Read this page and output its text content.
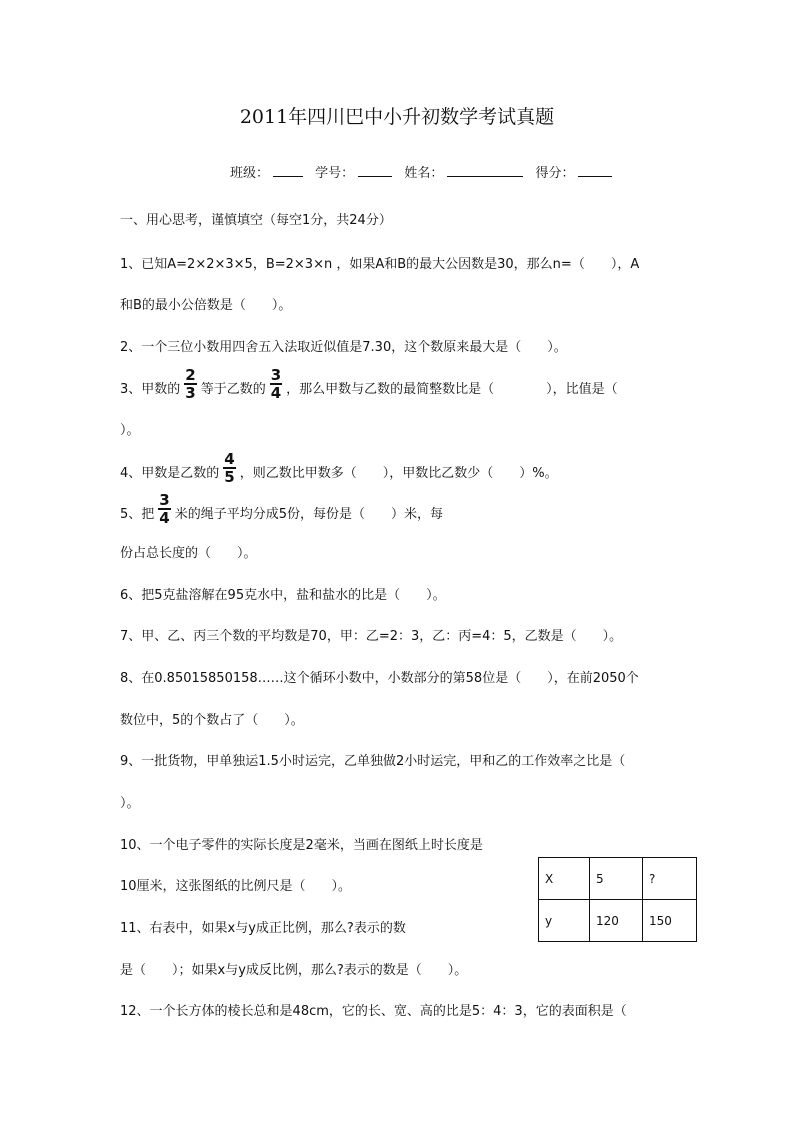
2011年四川巴中小升初数学考试真题
班级：	学号：	姓名：	得分：
一、用心思考，谨慎填空（每空1分，共24分）
1、已知A=2×2×3×5，B=2×3×n ，如果A和B的最大公因数是30，那么n=（　　），A
和B的最小公倍数是（　　）。
2、一个三位小数用四舍五入法取近似值是7.30，这个数原来最大是（　　）。
3、甲数的 $\frac{2}{3}$ 等于乙数的 $\frac{3}{4}$ ，那么甲数与乙数的最简整数比是（　　　　），比值是（
）。
4、甲数是乙数的 $\frac{4}{5}$ ，则乙数比甲数多（　　），甲数比乙数少（　　）%。
5、把 $\frac{3}{4}$ 米的绳子平均分成5份，每份是（　　）米，每
份占总长度的（　　）。
6、把5克盐溶解在95克水中，盐和盐水的比是（　　）。
7、甲、乙、丙三个数的平均数是70，甲：乙=2：3，乙：丙=4：5，乙数是（　　）。
8、在0.85015850158……这个循环小数中，小数部分的第58位是（　　），在前2050个
数位中，5的个数占了（　　）。
9、一批货物，甲单独运1.5小时运完，乙单独做2小时运完，甲和乙的工作效率之比是（
）。
10、一个电子零件的实际长度是2毫米，当画在图纸上时长度是
10厘米，这张图纸的比例尺是（　　）。
11、右表中，如果x与y成正比例，那么?表示的数
是（　　）；如果x与y成反比例，那么?表示的数是（　　）。
12、一个长方体的棱长总和是48cm，它的长、宽、高的比是5：4：3，它的表面积是（
X	5	?
y	120	150
